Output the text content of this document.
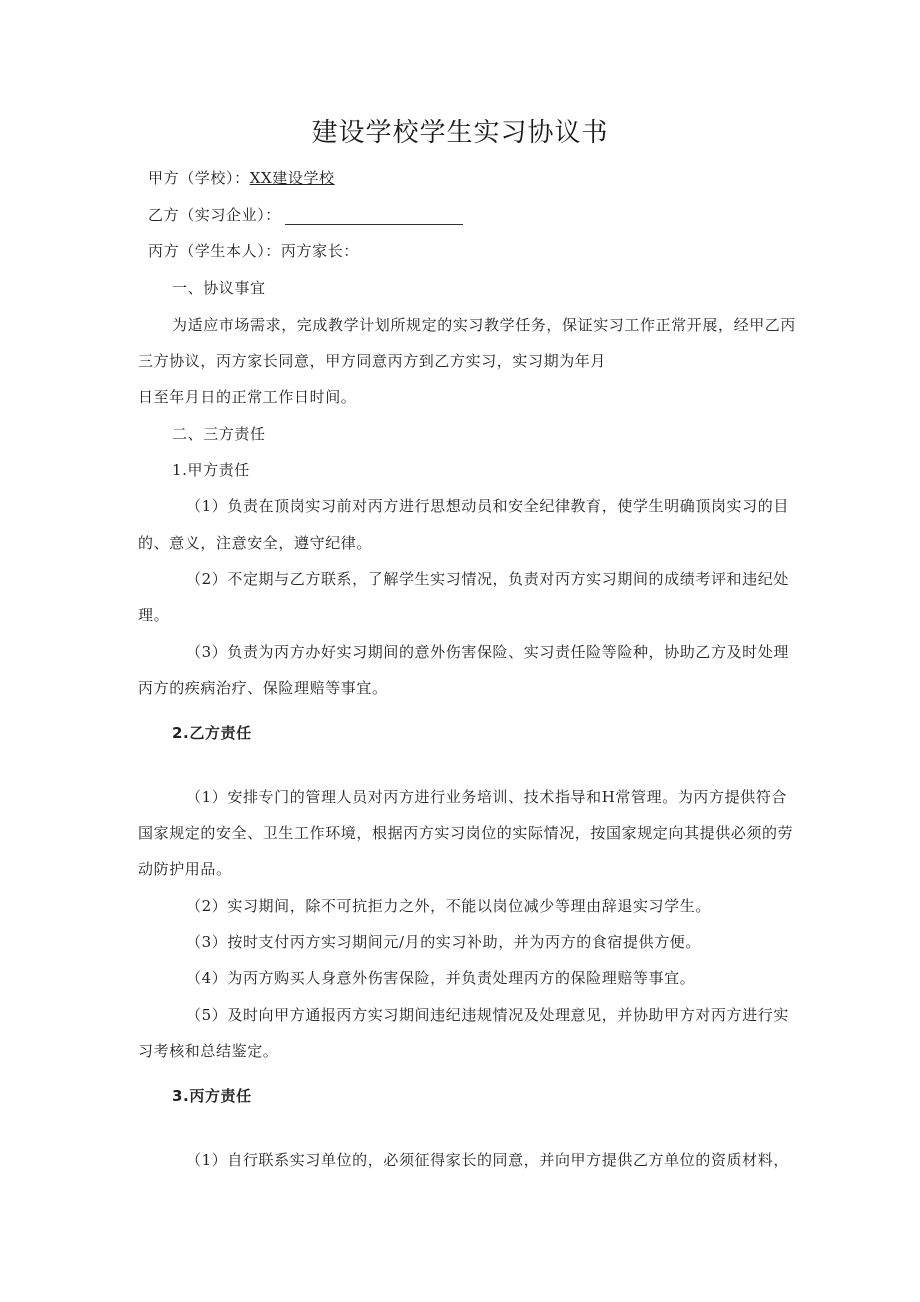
建设学校学生实习协议书
甲方（学校）：XX建设学校
乙方（实习企业）：
丙方（学生本人）：丙方家长：
一、协议事宜
为适应市场需求，完成教学计划所规定的实习教学任务，保证实习工作正常开展，经甲乙丙
三方协议，丙方家长同意，甲方同意丙方到乙方实习，实习期为年月
日至年月日的正常工作日时间。
二、三方责任
1.甲方责任
（1）负责在顶岗实习前对丙方进行思想动员和安全纪律教育，使学生明确顶岗实习的目
的、意义，注意安全，遵守纪律。
（2）不定期与乙方联系，了解学生实习情况，负责对丙方实习期间的成绩考评和违纪处
理。
（3）负责为丙方办好实习期间的意外伤害保险、实习责任险等险种，协助乙方及时处理
丙方的疾病治疗、保险理赔等事宜。
2.乙方责任
（1）安排专门的管理人员对丙方进行业务培训、技术指导和H常管理。为丙方提供符合
国家规定的安全、卫生工作环境，根据丙方实习岗位的实际情况，按国家规定向其提供必须的劳
动防护用品。
（2）实习期间，除不可抗拒力之外，不能以岗位减少等理由辞退实习学生。
（3）按时支付丙方实习期间元/月的实习补助，并为丙方的食宿提供方便。
（4）为丙方购买人身意外伤害保险，并负责处理丙方的保险理赔等事宜。
（5）及时向甲方通报丙方实习期间违纪违规情况及处理意见，并协助甲方对丙方进行实
习考核和总结鉴定。
3.丙方责任
（1）自行联系实习单位的，必须征得家长的同意，并向甲方提供乙方单位的资质材料，
